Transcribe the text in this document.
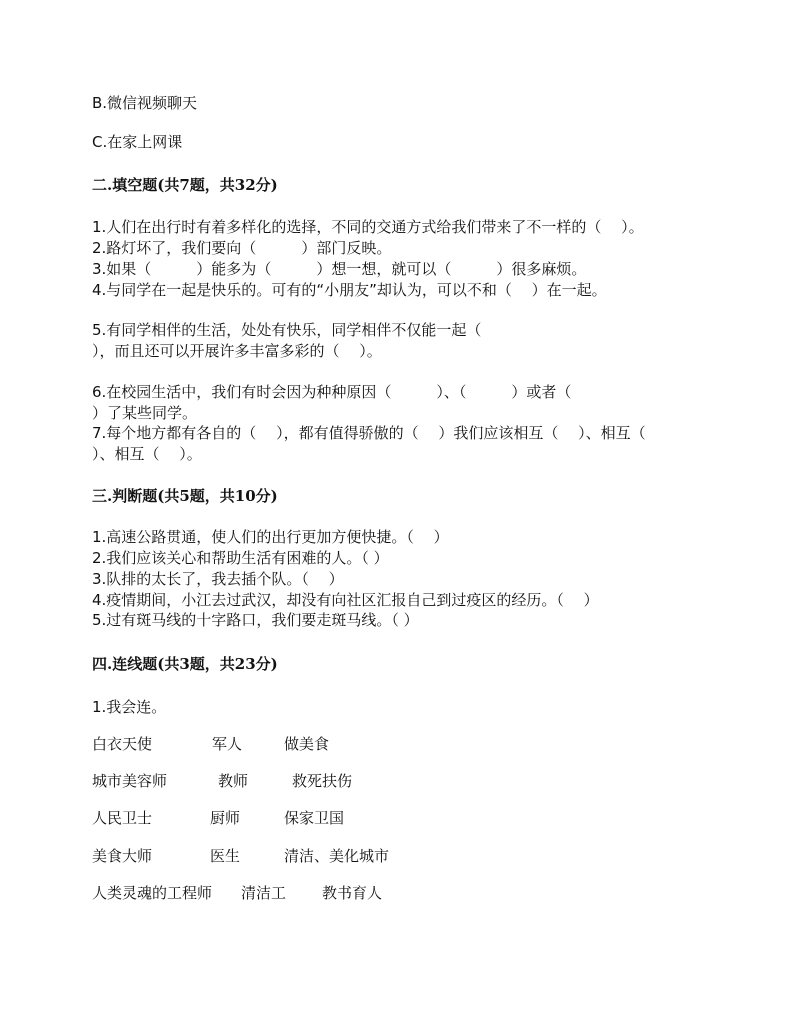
B.微信视频聊天
C.在家上网课
二.填空题(共7题，共32分)
1.人们在出行时有着多样化的选择，不同的交通方式给我们带来了不一样的（　 ）。
2.路灯坏了，我们要向（　　　）部门反映。
3.如果（　　　）能多为（　　　）想一想，就可以（　　　）很多麻烦。
4.与同学在一起是快乐的。可有的“小朋友”却认为，可以不和（　 ）在一起。
5.有同学相伴的生活，处处有快乐，同学相伴不仅能一起（
），而且还可以开展许多丰富多彩的（　 ）。
6.在校园生活中，我们有时会因为种种原因（　　　）、（　　　）或者（
）了某些同学。
7.每个地方都有各自的（　 ），都有值得骄傲的（　 ）我们应该相互（　 ）、相互（
）、相互（　 ）。
三.判断题(共5题，共10分)
1.高速公路贯通，使人们的出行更加方便快捷。（　 ）
2.我们应该关心和帮助生活有困难的人。（ ）
3.队排的太长了，我去插个队。（　 ）
4.疫情期间，小江去过武汉，却没有向社区汇报自己到过疫区的经历。（　 ）
5.过有斑马线的十字路口，我们要走斑马线。（ ）
四.连线题(共3题，共23分)
1.我会连。
白衣天使	军人	做美食
城市美容师	教师	救死扶伤
人民卫士	厨师	保家卫国
美食大师	医生	清洁、美化城市
人类灵魂的工程师 清洁工 教书育人
